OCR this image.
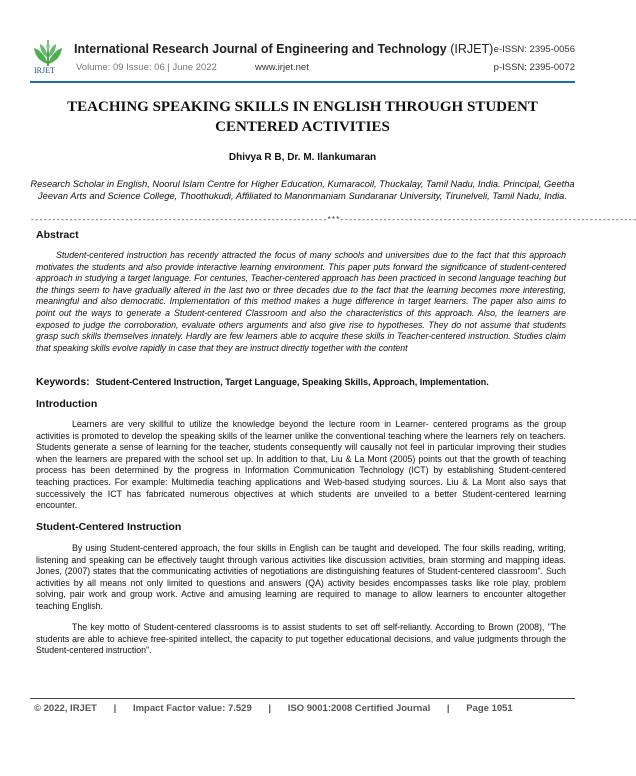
IRJET
International Research Journal of Engineering and Technology (IRJET)
Volume: 09 Issue: 06 | June 2022	www.irjet.net
e-ISSN: 2395-0056
p-ISSN: 2395-0072
TEACHING SPEAKING SKILLS IN ENGLISH THROUGH STUDENT CENTERED ACTIVITIES
Dhivya R B, Dr. M. Ilankumaran
Research Scholar in English, Noorul Islam Centre for Higher Education, Kumaracoil, Thuckalay, Tamil Nadu, India. Principal, Geetha Jeevan Arts and Science College, Thoothukudi, Affiliated to Manonmaniam Sundaranar University, Tirunelveli, Tamil Nadu, India.
---------------------------------------------------------------------***---------------------------------------------------------------------
Abstract

Student-centered instruction has recently attracted the focus of many schools and universities due to the fact that this approach motivates the students and also provide interactive learning environment. This paper puts forward the significance of student-centered approach in studying a target language. For centuries, Teacher-centered approach has been practiced in second language teaching but the things seem to have gradually altered in the last two or three decades due to the fact that the learning becomes more interesting, meaningful and also democratic. Implementation of this method makes a huge difference in target learners. The paper also aims to point out the ways to generate a Student-centered Classroom and also the characteristics of this approach. Also, the learners are exposed to judge the corroboration, evaluate others arguments and also give rise to hypotheses. They do not assume that students grasp such skills themselves innately. Hardly are few learners able to acquire these skills in Teacher-centered instruction. Studies claim that speaking skills evolve rapidly in case that they are instruct directly together with the content

Keywords: Student-Centered Instruction, Target Language, Speaking Skills, Approach, Implementation.
Introduction

Learners are very skillful to utilize the knowledge beyond the lecture room in Learner- centered programs as the group activities is promoted to develop the speaking skills of the learner unlike the conventional teaching where the learners rely on teachers. Students generate a sense of learning for the teacher, students consequently will causally not feel in particular improving their studies when the learners are prepared with the school set up. In addition to that, Liu & La Mont (2005) points out that the growth of teaching process has been determined by the progress in Information Communication Technology (ICT) by establishing Student-centered teaching practices. For example: Multimedia teaching applications and Web-based studying sources. Liu & La Mont also says that successively the ICT has fabricated numerous objectives at which students are unveiled to a better Student-centered learning encounter.

Student-Centered Instruction

By using Student-centered approach, the four skills in English can be taught and developed. The four skills reading, writing, listening and speaking can be effectively taught through various activities like discussion activities, brain storming and mapping ideas. Jones, (2007) states that the communicating activities of negotiations are distinguishing features of Student-centered classroom". Such activities by all means not only limited to questions and answers (QA) activity besides encompasses tasks like role play, problem solving, pair work and group work. Active and amusing learning are required to manage to allow learners to encounter altogether teaching English.

The key motto of Student-centered classrooms is to assist students to set off self-reliantly. According to Brown (2008), "The students are able to achieve free-spirited intellect, the capacity to put together educational decisions, and value judgments through the Student-centered instruction".

© 2022, IRJET | Impact Factor value: 7.529 | ISO 9001:2008 Certified Journal | Page 1051
